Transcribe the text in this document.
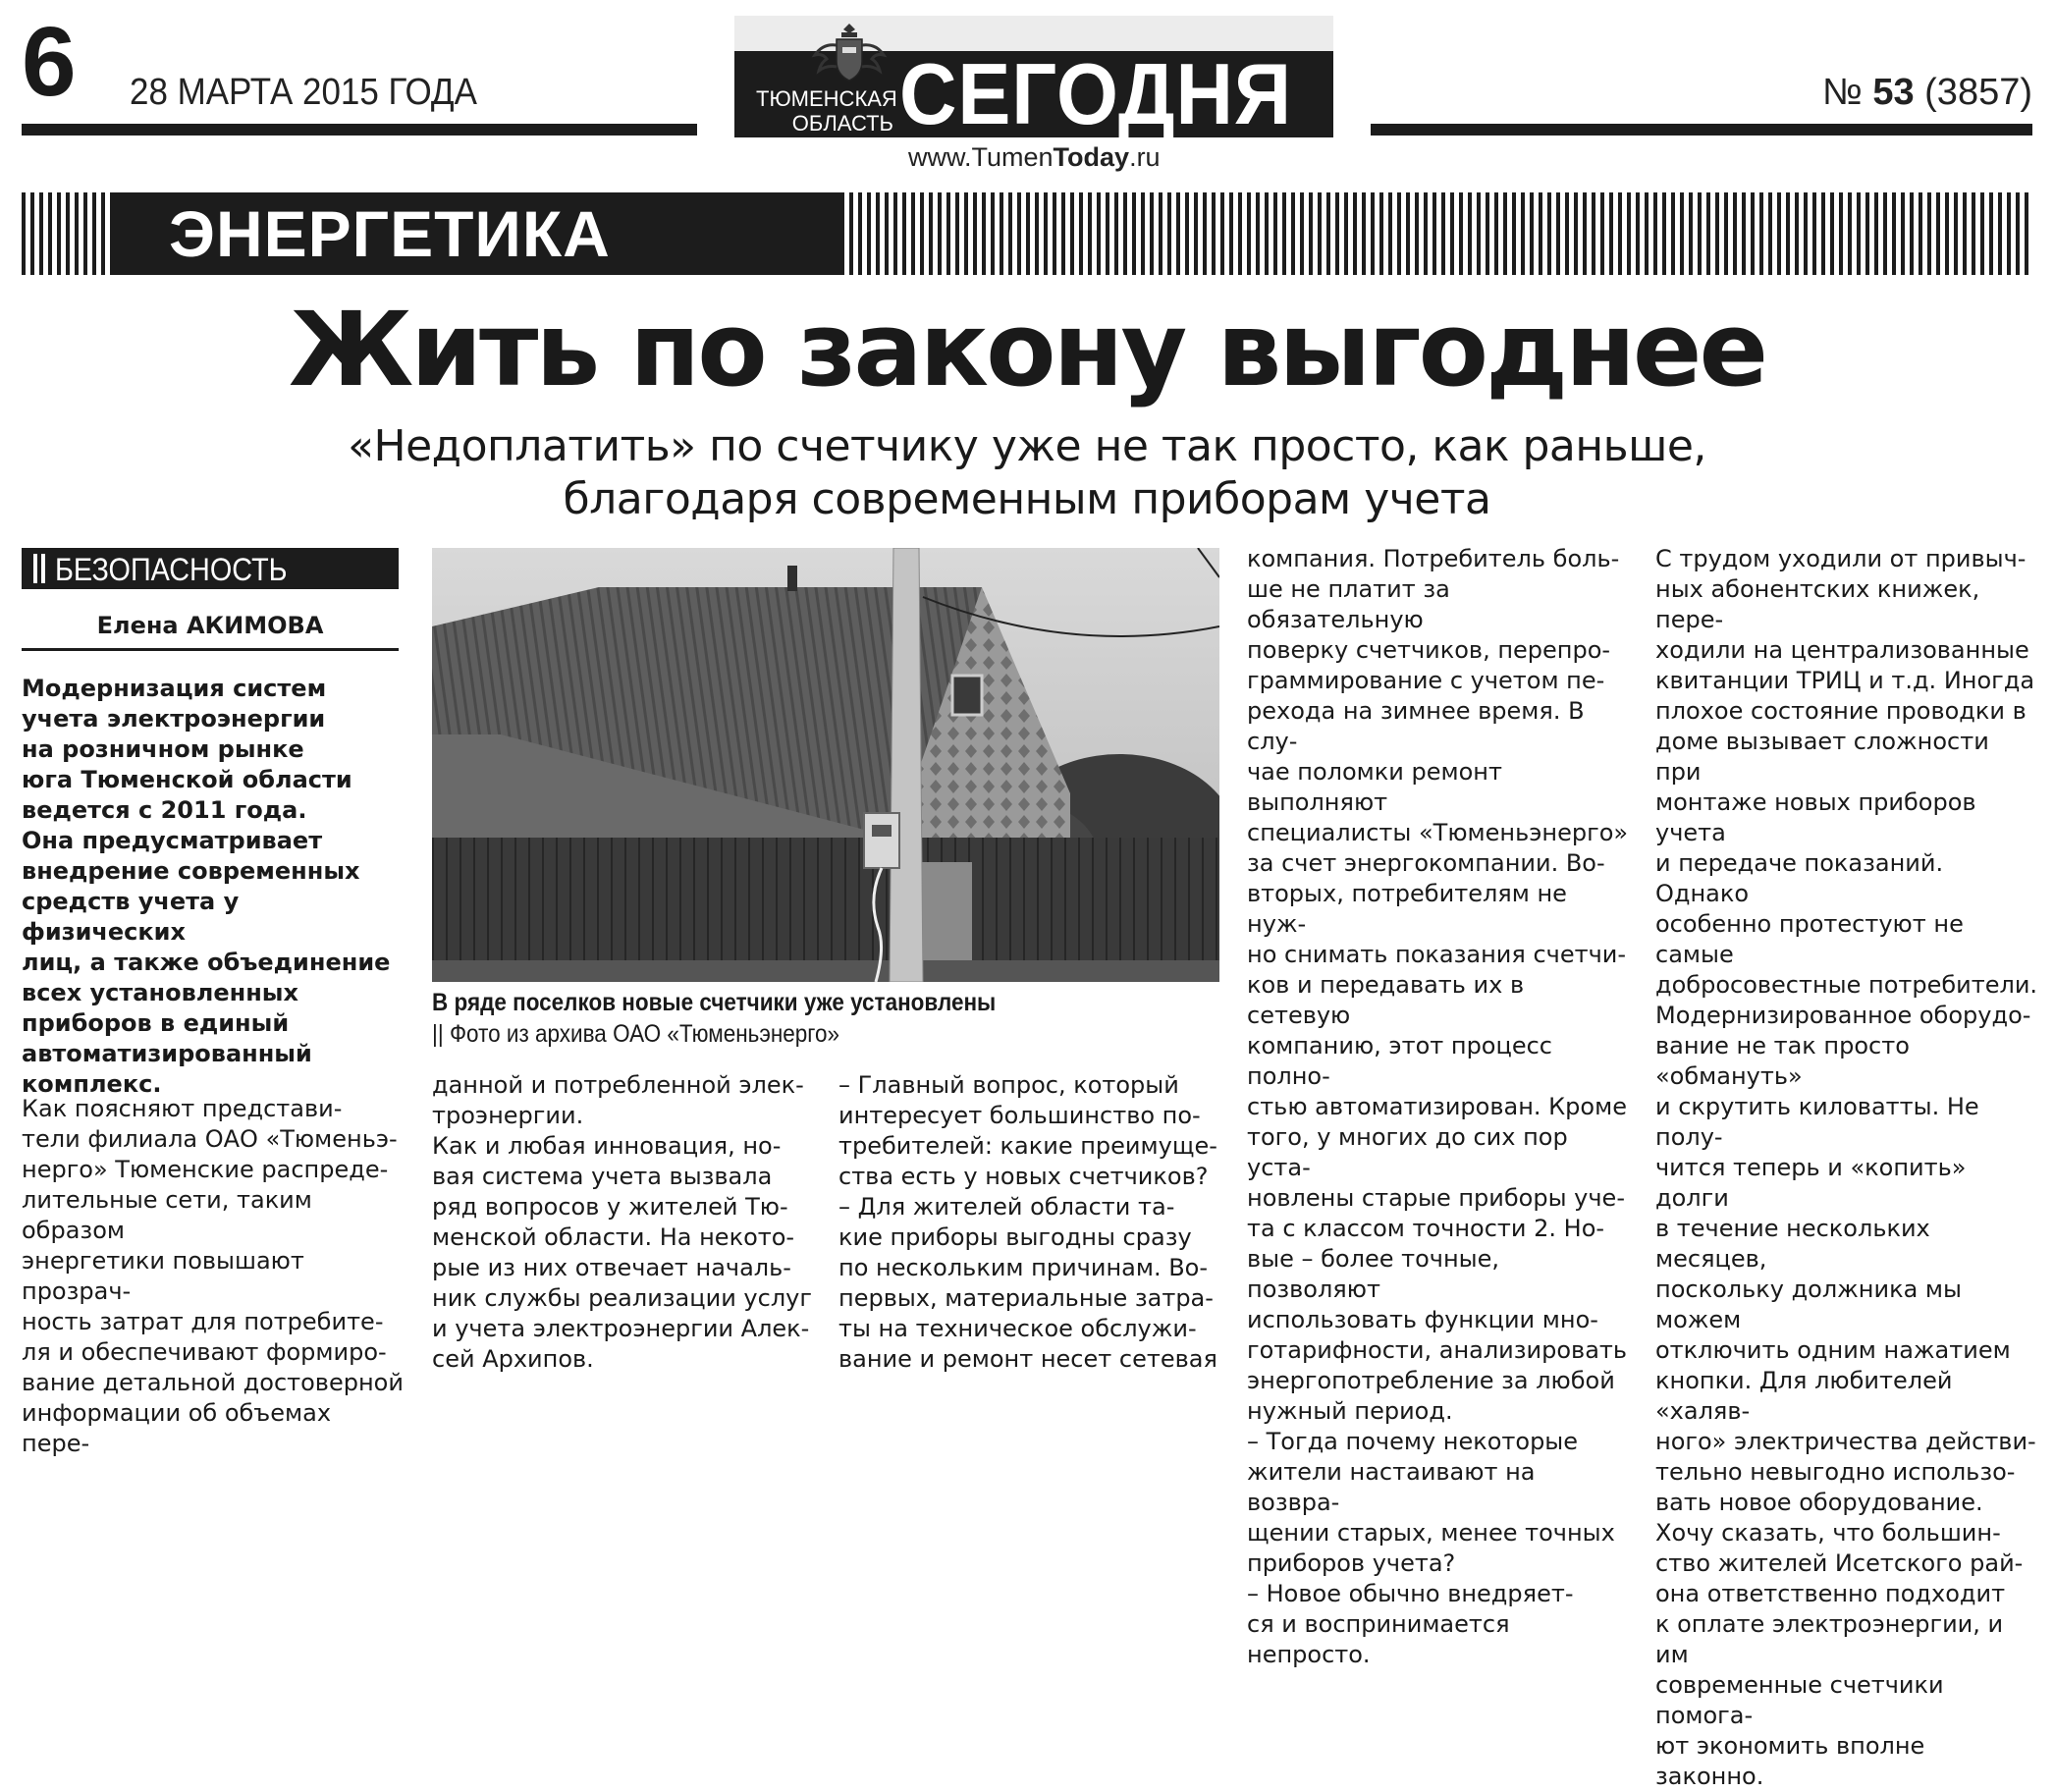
6 28 МАРТА 2015 ГОДА	№ 53 (3857)
ТЮМЕНСКАЯ
ОБЛАСТЬ СЕГОДНЯ
www.TumenToday.ru
ЭНЕРГЕТИКА
Жить по закону выгоднее
«Недоплатить» по счетчику уже не так просто, как раньше,
благодаря современным приборам учета
БЕЗОПАСНОСТЬ
Елена АКИМОВА
Модернизация систем
учета электроэнергии
на розничном рынке
юга Тюменской области
ведется с 2011 года.
Она предусматривает
внедрение современных
средств учета у физических
лиц, а также объединение
всех установленных
приборов в единый
автоматизированный
комплекс.
В ряде поселков новые счетчики уже установлены
|| Фото из архива ОАО «Тюменьэнерго»
Как поясняют представи-
тели филиала ОАО «Тюменьэ-
нерго» Тюменские распреде-
лительные сети, таким образом
энергетики повышают прозрач-
ность затрат для потребите-
ля и обеспечивают формиро-
вание детальной достоверной
информации об объемах пере-
данной и потребленной элек-
троэнергии.
Как и любая инновация, но-
вая система учета вызвала
ряд вопросов у жителей Тю-
менской области. На некото-
рые из них отвечает началь-
ник службы реализации услуг
и учета электроэнергии Алек-
сей Архипов.
– Главный вопрос, который
интересует большинство по-
требителей: какие преимуще-
ства есть у новых счетчиков?
– Для жителей области та-
кие приборы выгодны сразу
по нескольким причинам. Во-
первых, материальные затра-
ты на техническое обслужи-
вание и ремонт несет сетевая
компания. Потребитель боль-
ше не платит за обязательную
поверку счетчиков, перепро-
граммирование с учетом пе-
рехода на зимнее время. В слу-
чае поломки ремонт выполняют
специалисты «Тюменьэнерго»
за счет энергокомпании. Во-
вторых, потребителям не нуж-
но снимать показания счетчи-
ков и передавать их в сетевую
компанию, этот процесс полно-
стью автоматизирован. Кроме
того, у многих до сих пор уста-
новлены старые приборы уче-
та с классом точности 2. Но-
вые – более точные, позволяют
использовать функции мно-
готарифности, анализировать
энергопотребление за любой
нужный период.
– Тогда почему некоторые
жители настаивают на возвра-
щении старых, менее точных
приборов учета?
– Новое обычно внедряет-
ся и воспринимается непросто.
С трудом уходили от привыч-
ных абонентских книжек, пере-
ходили на централизованные
квитанции ТРИЦ и т.д. Иногда
плохое состояние проводки в
доме вызывает сложности при
монтаже новых приборов учета
и передаче показаний. Однако
особенно протестуют не самые
добросовестные потребители.
Модернизированное оборудо-
вание не так просто «обмануть»
и скрутить киловатты. Не полу-
чится теперь и «копить» долги
в течение нескольких месяцев,
поскольку должника мы можем
отключить одним нажатием
кнопки. Для любителей «халяв-
ного» электричества действи-
тельно невыгодно использо-
вать новое оборудование.
Хочу сказать, что большин-
ство жителей Исетского рай-
она ответственно подходит
к оплате электроэнергии, и им
современные счетчики помога-
ют экономить вполне законно.
